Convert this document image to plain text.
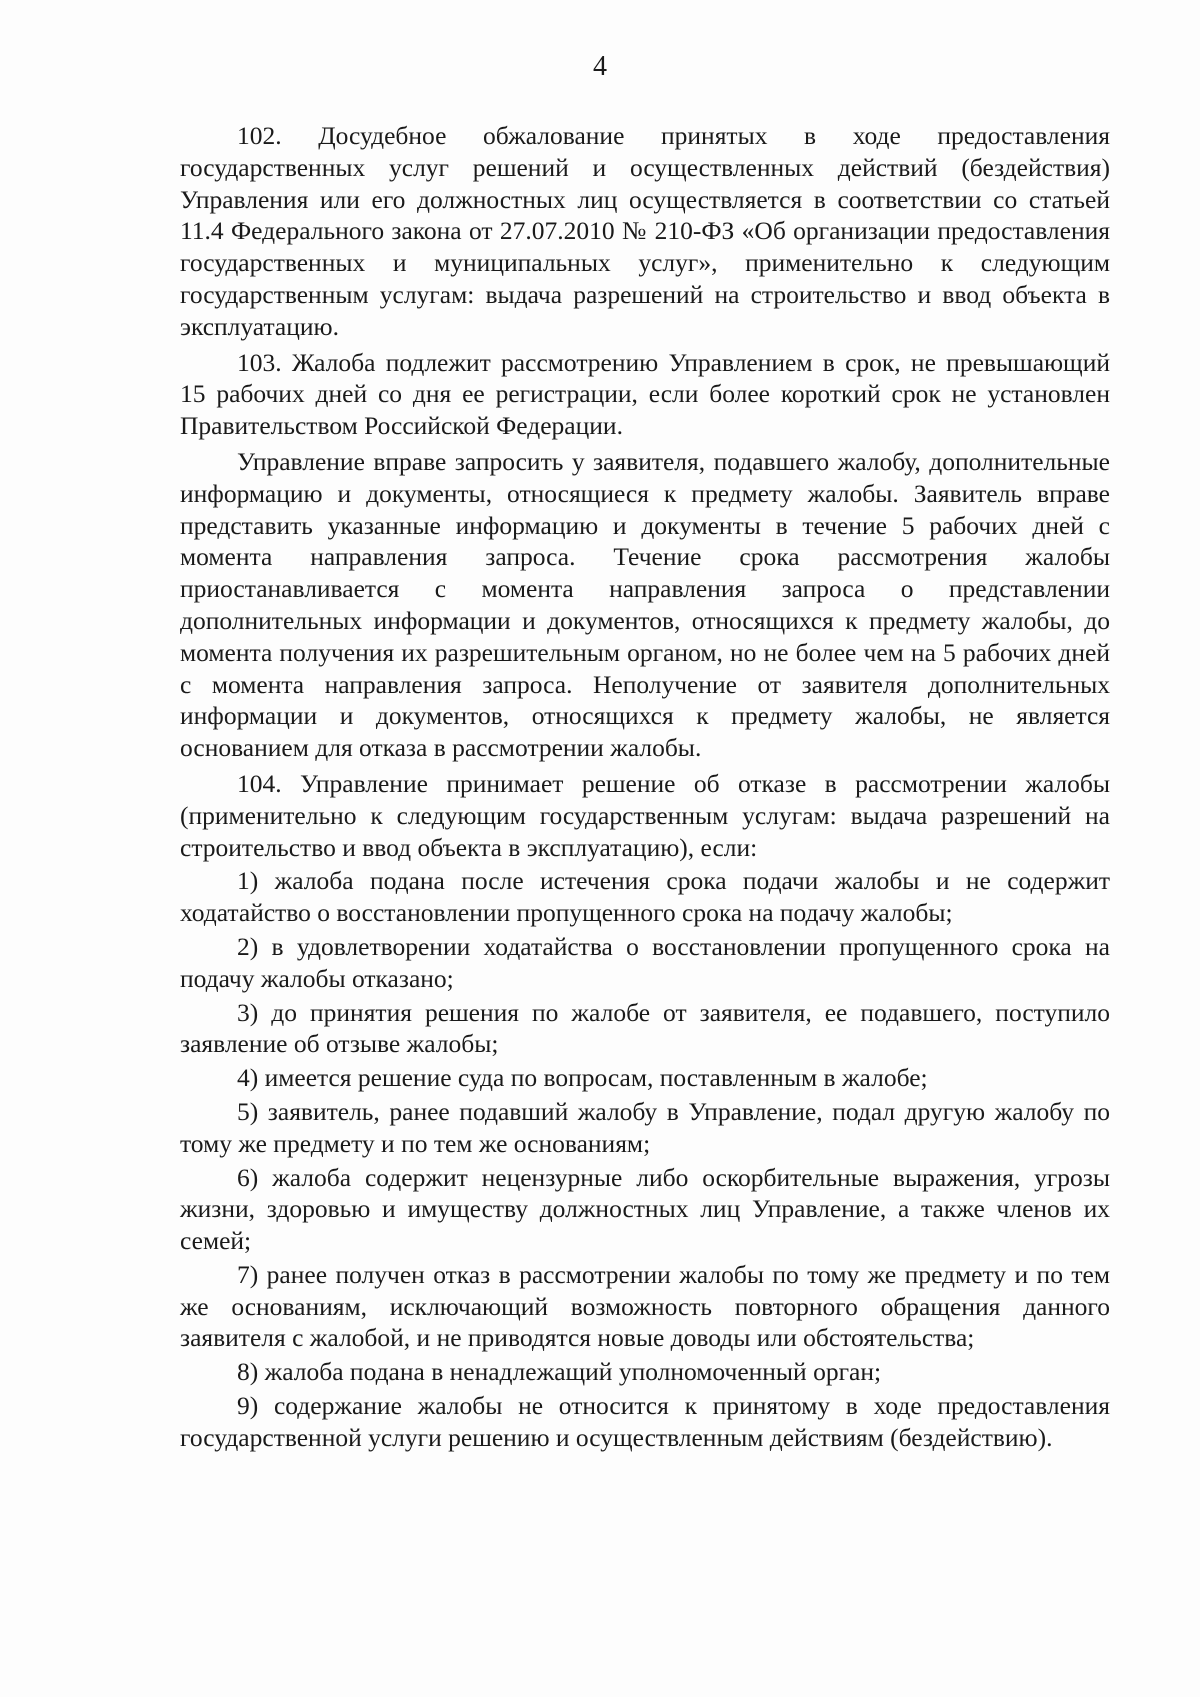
4

102. Досудебное обжалование принятых в ходе предоставления государственных услуг решений и осуществленных действий (бездействия) Управления или его должностных лиц осуществляется в соответствии со статьей 11.4 Федерального закона от 27.07.2010 № 210-ФЗ «Об организации предоставления государственных и муниципальных услуг», применительно к следующим государственным услугам: выдача разрешений на строительство и ввод объекта в эксплуатацию.

103. Жалоба подлежит рассмотрению Управлением в срок, не превышающий 15 рабочих дней со дня ее регистрации, если более короткий срок не установлен Правительством Российской Федерации.

Управление вправе запросить у заявителя, подавшего жалобу, дополнительные информацию и документы, относящиеся к предмету жалобы. Заявитель вправе представить указанные информацию и документы в течение 5 рабочих дней с момента направления запроса. Течение срока рассмотрения жалобы приостанавливается с момента направления запроса о представлении дополнительных информации и документов, относящихся к предмету жалобы, до момента получения их разрешительным органом, но не более чем на 5 рабочих дней с момента направления запроса. Неполучение от заявителя дополнительных информации и документов, относящихся к предмету жалобы, не является основанием для отказа в рассмотрении жалобы.

104. Управление принимает решение об отказе в рассмотрении жалобы (применительно к следующим государственным услугам: выдача разрешений на строительство и ввод объекта в эксплуатацию), если:

1) жалоба подана после истечения срока подачи жалобы и не содержит ходатайство о восстановлении пропущенного срока на подачу жалобы;

2) в удовлетворении ходатайства о восстановлении пропущенного срока на подачу жалобы отказано;

3) до принятия решения по жалобе от заявителя, ее подавшего, поступило заявление об отзыве жалобы;

4) имеется решение суда по вопросам, поставленным в жалобе;

5) заявитель, ранее подавший жалобу в Управление, подал другую жалобу по тому же предмету и по тем же основаниям;

6) жалоба содержит нецензурные либо оскорбительные выражения, угрозы жизни, здоровью и имуществу должностных лиц Управление, а также членов их семей;

7) ранее получен отказ в рассмотрении жалобы по тому же предмету и по тем же основаниям, исключающий возможность повторного обращения данного заявителя с жалобой, и не приводятся новые доводы или обстоятельства;

8) жалоба подана в ненадлежащий уполномоченный орган;

9) содержание жалобы не относится к принятому в ходе предоставления государственной услуги решению и осуществленным действиям (бездействию).
